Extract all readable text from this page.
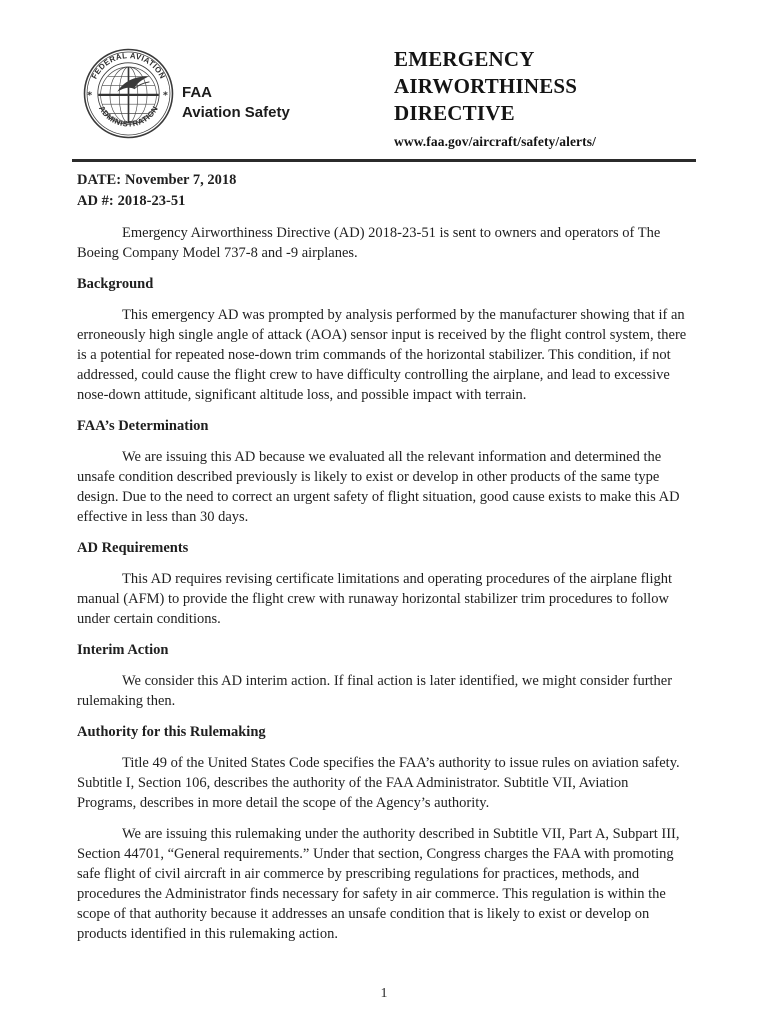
FEDERAL AVIATION
ADMINISTRATION
*	* FAA
Aviation Safety
EMERGENCY
AIRWORTHINESS
DIRECTIVE
www.faa.gov/aircraft/safety/alerts/
DATE: November 7, 2018
AD #: 2018-23-51

Emergency Airworthiness Directive (AD) 2018-23-51 is sent to owners and operators of The Boeing Company Model 737-8 and -9 airplanes.

Background

This emergency AD was prompted by analysis performed by the manufacturer showing that if an erroneously high single angle of attack (AOA) sensor input is received by the flight control system, there is a potential for repeated nose-down trim commands of the horizontal stabilizer. This condition, if not addressed, could cause the flight crew to have difficulty controlling the airplane, and lead to excessive nose-down attitude, significant altitude loss, and possible impact with terrain.

FAA’s Determination

We are issuing this AD because we evaluated all the relevant information and determined the unsafe condition described previously is likely to exist or develop in other products of the same type design. Due to the need to correct an urgent safety of flight situation, good cause exists to make this AD effective in less than 30 days.

AD Requirements

This AD requires revising certificate limitations and operating procedures of the airplane flight manual (AFM) to provide the flight crew with runaway horizontal stabilizer trim procedures to follow under certain conditions.

Interim Action

We consider this AD interim action. If final action is later identified, we might consider further rulemaking then.

Authority for this Rulemaking

Title 49 of the United States Code specifies the FAA’s authority to issue rules on aviation safety. Subtitle I, Section 106, describes the authority of the FAA Administrator. Subtitle VII, Aviation Programs, describes in more detail the scope of the Agency’s authority.

We are issuing this rulemaking under the authority described in Subtitle VII, Part A, Subpart III, Section 44701, “General requirements.” Under that section, Congress charges the FAA with promoting safe flight of civil aircraft in air commerce by prescribing regulations for practices, methods, and procedures the Administrator finds necessary for safety in air commerce. This regulation is within the scope of that authority because it addresses an unsafe condition that is likely to exist or develop on products identified in this rulemaking action.

1
